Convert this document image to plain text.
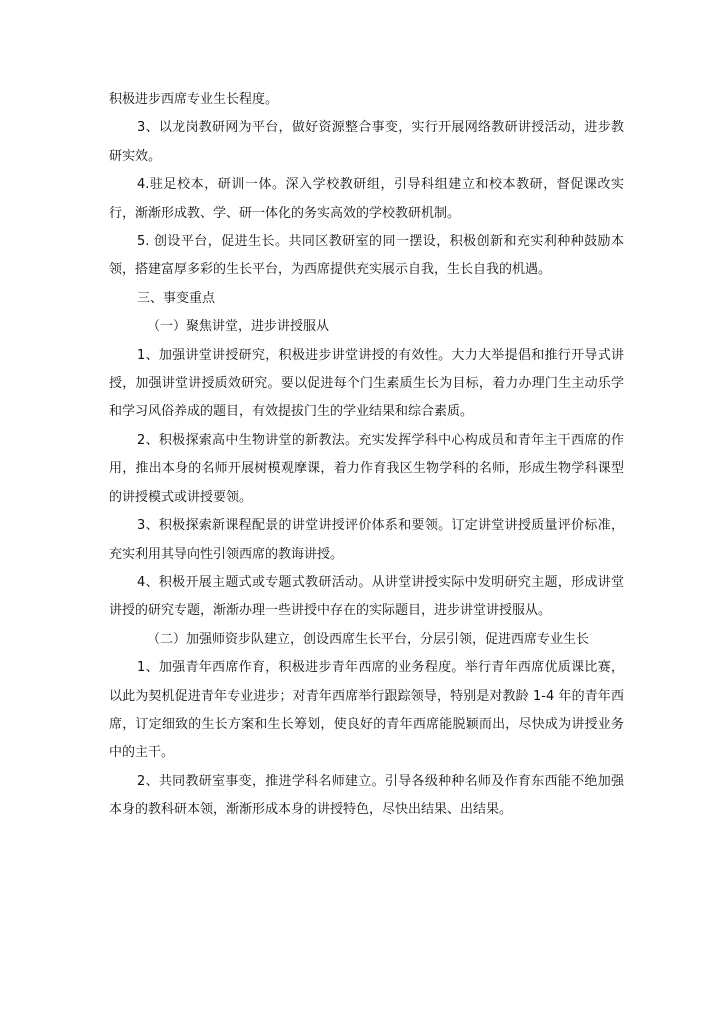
积极进步西席专业生长程度。

3、以龙岗教研网为平台，做好资源整合事变，实行开展网络教研讲授活动，进步教研实效。

4.驻足校本，研训一体。深入学校教研组，引导科组建立和校本教研，督促课改实行，渐渐形成教、学、研一体化的务实高效的学校教研机制。

5. 创设平台，促进生长。共同区教研室的同一摆设，积极创新和充实利种种鼓励本领，搭建富厚多彩的生长平台，为西席提供充实展示自我，生长自我的机遇。

三、事变重点

（一）聚焦讲堂，进步讲授服从

1、加强讲堂讲授研究，积极进步讲堂讲授的有效性。大力大举提倡和推行开导式讲授，加强讲堂讲授质效研究。要以促进每个门生素质生长为目标，着力办理门生主动乐学和学习风俗养成的题目，有效提拔门生的学业结果和综合素质。

2、积极探索高中生物讲堂的新教法。充实发挥学科中心构成员和青年主干西席的作用，推出本身的名师开展树模观摩课，着力作育我区生物学科的名师，形成生物学科课型的讲授模式或讲授要领。

3、积极探索新课程配景的讲堂讲授评价体系和要领。订定讲堂讲授质量评价标准，充实利用其导向性引领西席的教诲讲授。

4、积极开展主题式或专题式教研活动。从讲堂讲授实际中发明研究主题，形成讲堂讲授的研究专题，渐渐办理一些讲授中存在的实际题目，进步讲堂讲授服从。

（二）加强师资步队建立，创设西席生长平台，分层引领，促进西席专业生长

1、加强青年西席作育，积极进步青年西席的业务程度。举行青年西席优质课比赛，以此为契机促进青年专业进步；对青年西席举行跟踪领导，特别是对教龄 1-4 年的青年西席，订定细致的生长方案和生长筹划，使良好的青年西席能脱颖而出，尽快成为讲授业务中的主干。

2、共同教研室事变，推进学科名师建立。引导各级种种名师及作育东西能不绝加强本身的教科研本领，渐渐形成本身的讲授特色，尽快出结果、出结果。
